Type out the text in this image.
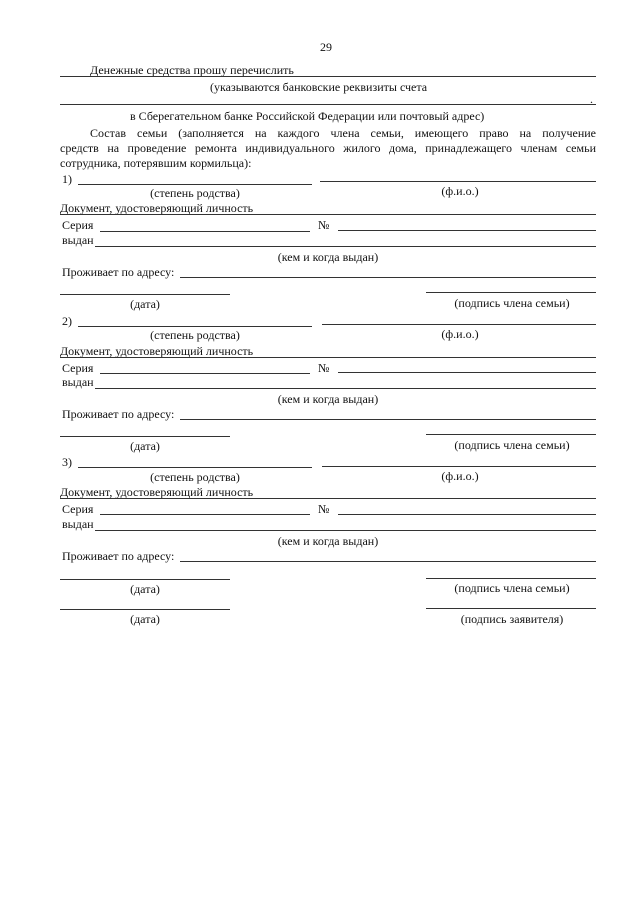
29
Денежные средства прошу перечислить
(указываются банковские реквизиты счета
.
в Сберегательном банке Российской Федерации или почтовый адрес)
Состав семьи (заполняется на каждого члена семьи, имеющего право на получение
средств на проведение ремонта индивидуального жилого дома, принадлежащего членам семьи
сотрудника, потерявшим кормильца):
1)
(степень родства)	(ф.и.о.)
Документ, удостоверяющий личность
Серия	№
выдан
(кем и когда выдан)
Проживает по адресу:
(дата)	(подпись члена семьи)
2)
(степень родства)	(ф.и.о.)
Документ, удостоверяющий личность
Серия	№
выдан
(кем и когда выдан)
Проживает по адресу:
(дата)	(подпись члена семьи)
3)
(степень родства)	(ф.и.о.)
Документ, удостоверяющий личность
Серия	№
выдан
(кем и когда выдан)
Проживает по адресу:
(дата)	(подпись члена семьи)
(дата)	(подпись заявителя)
